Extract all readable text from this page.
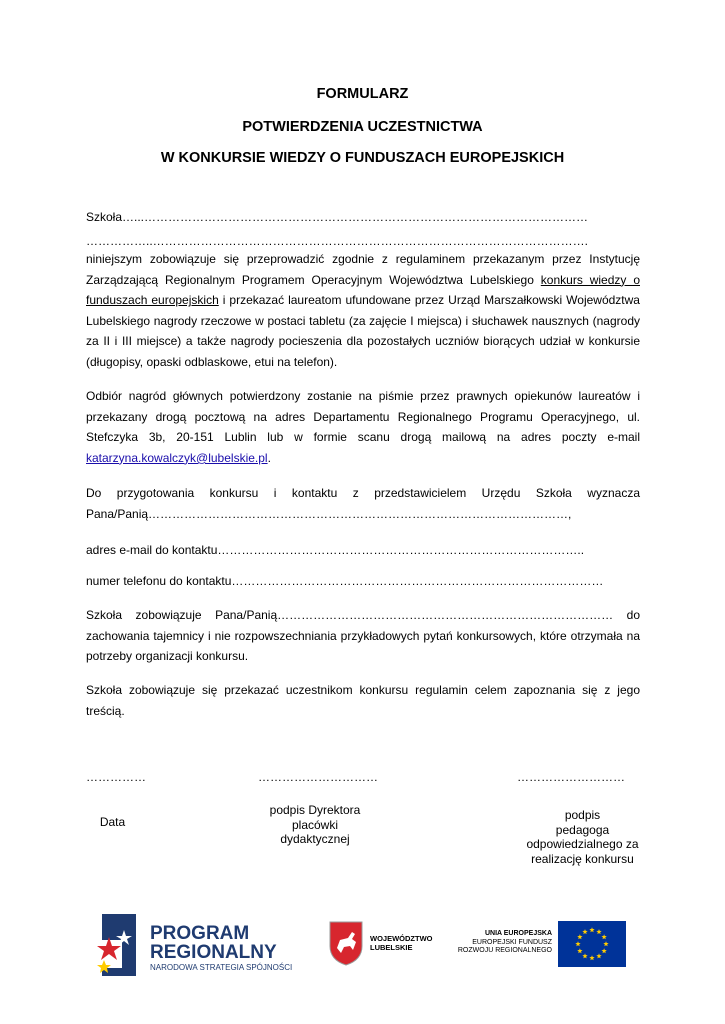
FORMULARZ
POTWIERDZENIA UCZESTNICTWA
W KONKURSIE WIEDZY O FUNDUSZACH EUROPEJSKICH
Szkoła…...…………………………………………………………………………………………………
……………..……………………………………………………………………………………………….
niniejszym zobowiązuje się przeprowadzić zgodnie z regulaminem przekazanym przez Instytucję Zarządzającą Regionalnym Programem Operacyjnym Województwa Lubelskiego konkurs wiedzy o funduszach europejskich i przekazać laureatom ufundowane przez Urząd Marszałkowski Województwa Lubelskiego nagrody rzeczowe w postaci tabletu (za zajęcie I miejsca) i słuchawek nauszny‌ch (nagrody za II i III miejsce) a także nagrody pocieszenia dla pozostałych uczniów biorących udział w konkursie (długopisy, opaski odblaskowe, etui na telefon).
Odbiór nagród głównych potwierdzony zostanie na piśmie przez prawnych opiekunów laureatów i przekazany drogą pocztową na adres Departamentu Regionalnego Programu Operacyjnego, ul. Stefczyka 3b, 20-151 Lublin lub w formie scanu drogą mailową na adres poczty e-mail katarzyna.kowalczyk@lubelskie.pl.
Do przygotowania konkursu i kontaktu z przedstawicielem Urzędu Szkoła wyznacza Pana/Panią……………………………………………………………………………………………,
adres e-mail do kontaktu………………………………………………………………………………..
numer telefonu do kontaktu…………………………………………………………………………………
Szkoła zobowiązuje Pana/Panią………………………………………………………………………… do zachowania tajemnicy i nie rozpowszechniania przykładowych pytań konkursowych, które otrzymała na potrzeby organizacji konkursu.
Szkoła zobowiązuje się przekazać uczestnikom konkursu regulamin celem zapoznania się z jego treścią.
……………	…………………………	………………………
Data
podpis Dyrektora
placówki
dydaktycznej
podpis
pedagoga
odpowiedzialnego za
realizację konkursu
PROGRAM
REGIONALNY
NARODOWA STRATEGIA SPÓJNOŚCI
WOJEWÓDZTWO
LUBELSKIE
UNIA EUROPEJSKA
EUROPEJSKI FUNDUSZ
ROZWOJU REGIONALNEGO
